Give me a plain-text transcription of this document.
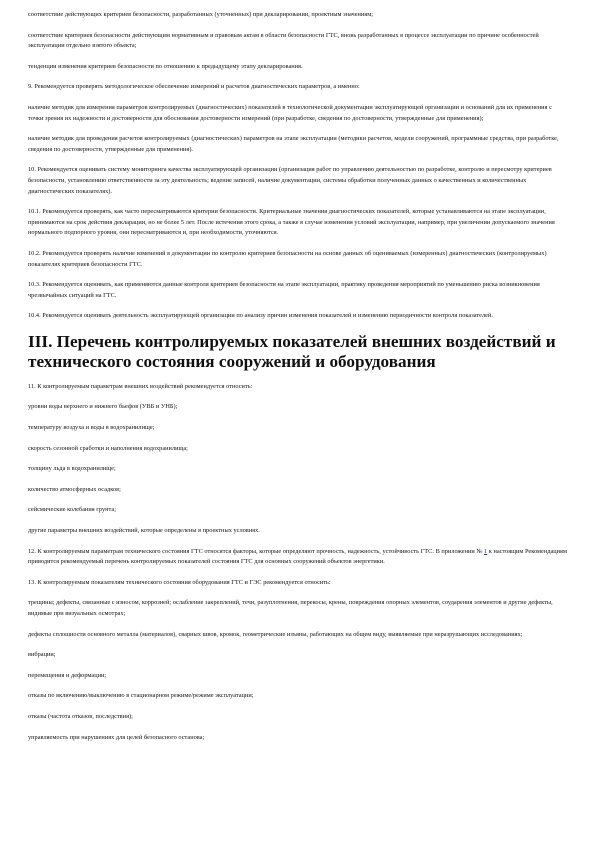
соответствие действующих критериев безопасности, разработанных (уточненных) при декларировании, проектным значениям;

соответствие критериев безопасности действующим нормативным и правовым актам в области безопасности ГТС, вновь разработанных в процессе эксплуатации по причине особенностей эксплуатации отдельно взятого объекта;

тенденции изменения критериев безопасности по отношению к предыдущему этапу декларирования.

9. Рекомендуется проверять методологическое обеспечение измерений и расчетов диагностических параметров, а именно:

наличие методик для измерения параметров контролируемых (диагностических) показателей в технологической документации эксплуатирующей организации и оснований для их применения с точки зрения их надежности и достоверности для обоснования достоверности измерений (при разработке, сведения по достоверности, утвержденные для применения);

наличие методик для проведения расчетов контролируемых (диагностических) параметров на этапе эксплуатации (методики расчетов, модели сооружений, программные средства, при разработке, сведения по достоверности, утвержденные для применения).

10. Рекомендуется оценивать систему мониторинга качества эксплуатирующей организации (организация работ по управлению деятельностью по разработке, контролю и пересмотру критериев безопасности, установлению ответственности за эту деятельность; ведение записей, наличие документации, системы обработки полученных данных о качественных и количественных диагностических показателях).

10.1. Рекомендуется проверять, как часто пересматриваются критерии безопасности. Критериальные значения диагностических показателей, которые устанавливаются на этапе эксплуатации, принимаются на срок действия декларации, но не более 5 лет. После истечения этого срока, а также в случае изменения условий эксплуатации, например, при увеличении допускаемого значения нормального подпорного уровня, они пересматриваются и, при необходимости, уточняются.

10.2. Рекомендуется проверять наличие изменений в документации по контролю критериев безопасности на основе данных об оцениваемых (измеренных) диагностических (контролируемых) показателях критериев безопасности ГТС.

10.3. Рекомендуется оценивать, как применяются данные контроля критериев безопасности на этапе эксплуатации, практику проведения мероприятий по уменьшению риска возникновения чрезвычайных ситуаций на ГТС.

10.4. Рекомендуется оценивать деятельность эксплуатирующей организации по анализу причин изменения показателей и изменению периодичности контроля показателей.

III. Перечень контролируемых показателей внешних воздействий и технического состояния сооружений и оборудования

11. К контролируемым параметрам внешних воздействий рекомендуется относить:

уровни воды верхнего и нижнего бьефов (УВБ и УНБ);

температуру воздуха и воды в водохранилище;

скорость сезонной сработки и наполнения водохранилища;

толщину льда в водохранилище;

количество атмосферных осадков;

сейсмические колебания грунта;

другие параметры внешних воздействий, которые определены в проектных условиях.

12. К контролируемым параметрам технического состояния ГТС относятся факторы, которые определяют прочность, надежность, устойчивость ГТС. В приложении № 1 к настоящим Рекомендациям приводится рекомендуемый перечень контролируемых показателей состояния ГТС для основных сооружений объектов энергетики.

13. К контролируемым показателям технического состояния оборудования ГТС и ГЭС рекомендуется относить:

трещины; дефекты, связанные с износом, коррозией; ослабление закреплений, течи, разуплотнения, перекосы, крены, повреждения опорных элементов, соударения элементов и другие дефекты, видимые при визуальных осмотрах;

дефекты сплошности основного металла (материалов), сварных швов, кромок, геометрические изъяны, работающих на общем виду, выявляемые при неразрушающих исследованиях;

вибрации;

перемещения и деформации;

отказы по включению/выключению в стационарном режиме/режиме эксплуатации;

отказы (частота отказов, последствия);

управляемость при нарушениях для целей безопасного останова;
